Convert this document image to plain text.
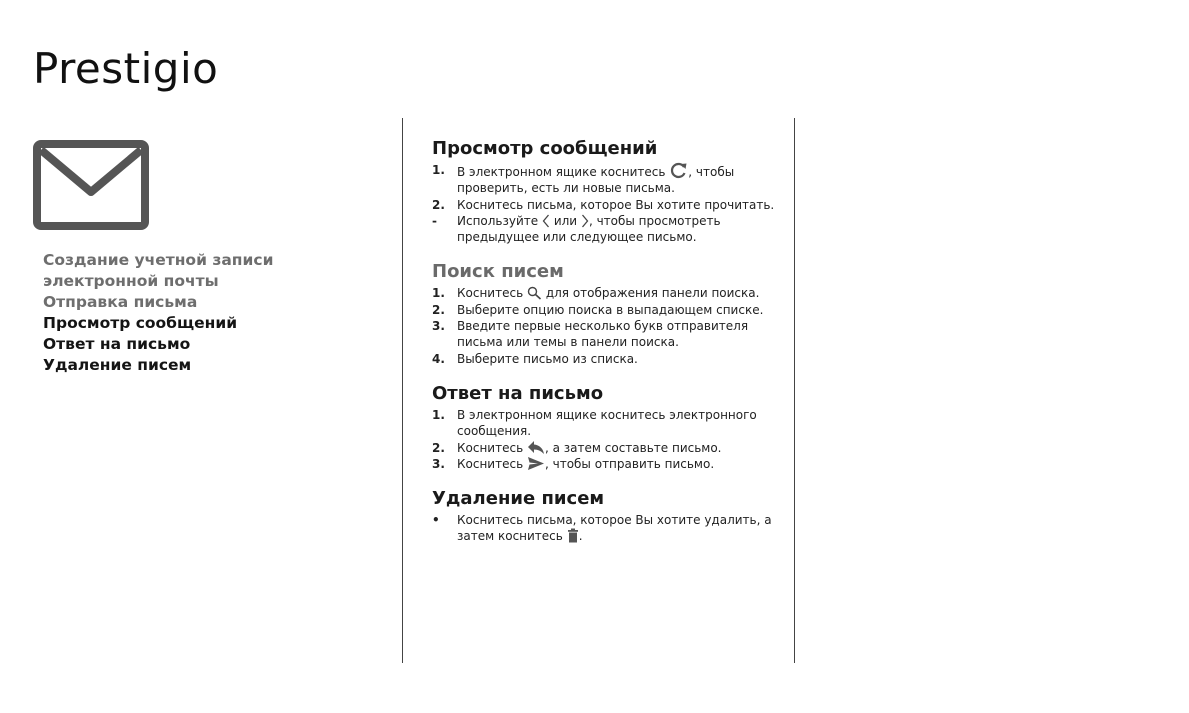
Prestigio
Создание учетной записи
электронной почты
Отправка письма
Просмотр сообщений
Ответ на письмо
Удаление писем
Просмотр сообщений
1. В электронном ящике коснитесь , чтобы проверить, есть ли новые письма.
2. Коснитесь письма, которое Вы хотите прочитать.
- Используйте или , чтобы просмотреть предыдущее или следующее письмо.
Поиск писем
1. Коснитесь для отображения панели поиска.
2. Выберите опцию поиска в выпадающем списке.
3. Введите первые несколько букв отправителя письма или темы в панели поиска.
4. Выберите письмо из списка.
Ответ на письмо
1. В электронном ящике коснитесь электронного сообщения.
2. Коснитесь , а затем составьте письмо.
3. Коснитесь , чтобы отправить письмо.
Удаление писем
• Коснитесь письма, которое Вы хотите удалить, а затем коснитесь .
